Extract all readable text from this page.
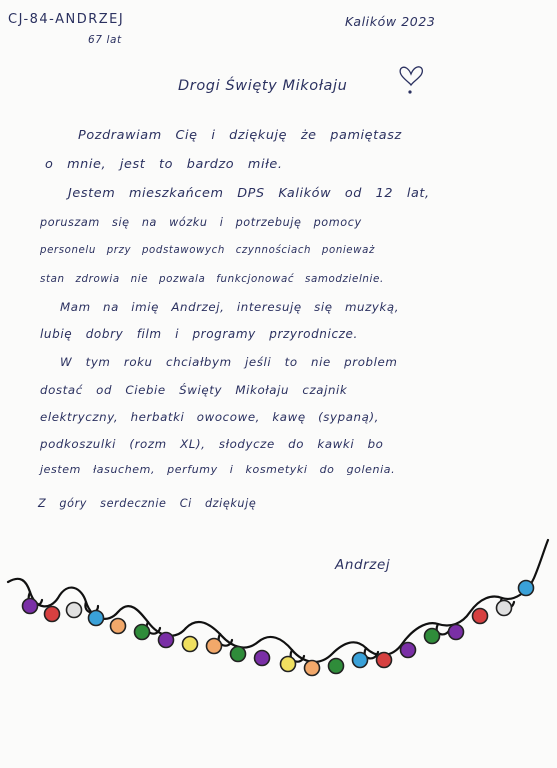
CJ-84-ANDRZEJ
67 lat
Kalików 2023
Drogi Święty Mikołaju
Pozdrawiam Cię i dziękuję że pamiętasz
o mnie, jest to bardzo miłe.
Jestem mieszkańcem DPS Kalików od 12 lat,
poruszam się na wózku i potrzebuję pomocy
personelu przy podstawowych czynnościach ponieważ
stan zdrowia nie pozwala funkcjonować samodzielnie.
Mam na imię Andrzej, interesuję się muzyką,
lubię dobry film i programy przyrodnicze.
W tym roku chciałbym jeśli to nie problem
dostać od Ciebie Święty Mikołaju czajnik
elektryczny, herbatki owocowe, kawę (sypaną),
podkoszulki (rozm XL), słodycze do kawki bo
jestem łasuchem, perfumy i kosmetyki do golenia.
Z góry serdecznie Ci dziękuję
Andrzej
